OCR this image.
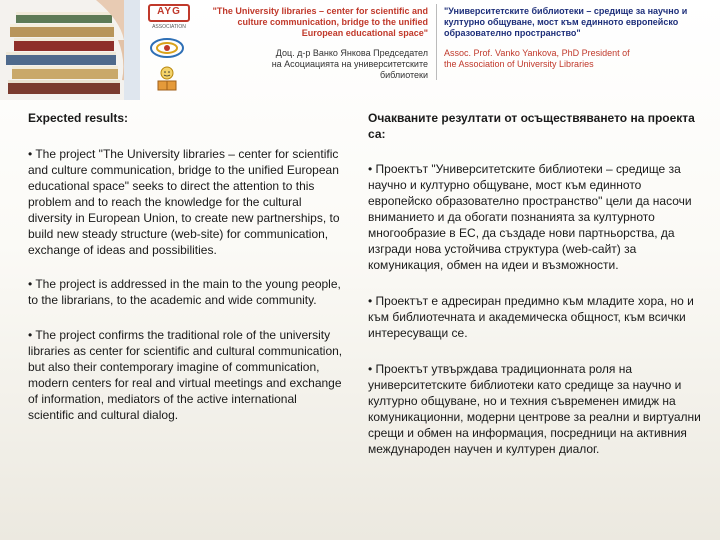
AYG
ASSOCIATION
"The University libraries – center for scientific and culture communication, bridge to the unified European educational space"
"Университетските библиотеки – средище за научно и културно общуване, мост към единното европейско образователно пространство"
Доц. д-р Ванко Янкова Председател на Асоциацията на университетските библиотеки
Assoc. Prof. Vanko Yankova, PhD President of the Association of University Libraries

Expected results:

• The project "The University libraries – center for scientific and culture communication, bridge to the unified European educational space" seeks to direct the attention to this problem and to reach the knowledge for the cultural diversity in European Union, to create new partnerships, to build new steady structure (web-site) for communication, exchange of ideas and possibilities.

• The project is addressed in the main to the young people, to the librarians, to the academic and wide community.

• The project confirms the traditional role of the university libraries as center for scientific and cultural communication, but also their contemporary imagine of communication, modern centers for real and virtual meetings and exchange of information, mediators of the active international scientific and cultural dialog.

Очакваните резултати от осъществяването на проекта са:

• Проектът "Университетските библиотеки – средище за научно и културно общуване, мост към единното европейско образователно пространство" цели да насочи вниманието и да обогати познанията за културното многообразие в ЕС, да създаде нови партньорства, да изгради нова устойчива структура (web-сайт) за комуникация, обмен на идеи и възможности.

• Проектът е адресиран предимно към младите хора, но и към библиотечната и академическа общност, към всички интересуващи се.

• Проектът утвърждава традиционната роля на университетските библиотеки като средище за научно и културно общуване, но и техния съвременен имидж на комуникационни, модерни центрове за реални и виртуални срещи и обмен на информация, посредници на активния международен научен и културен диалог.
